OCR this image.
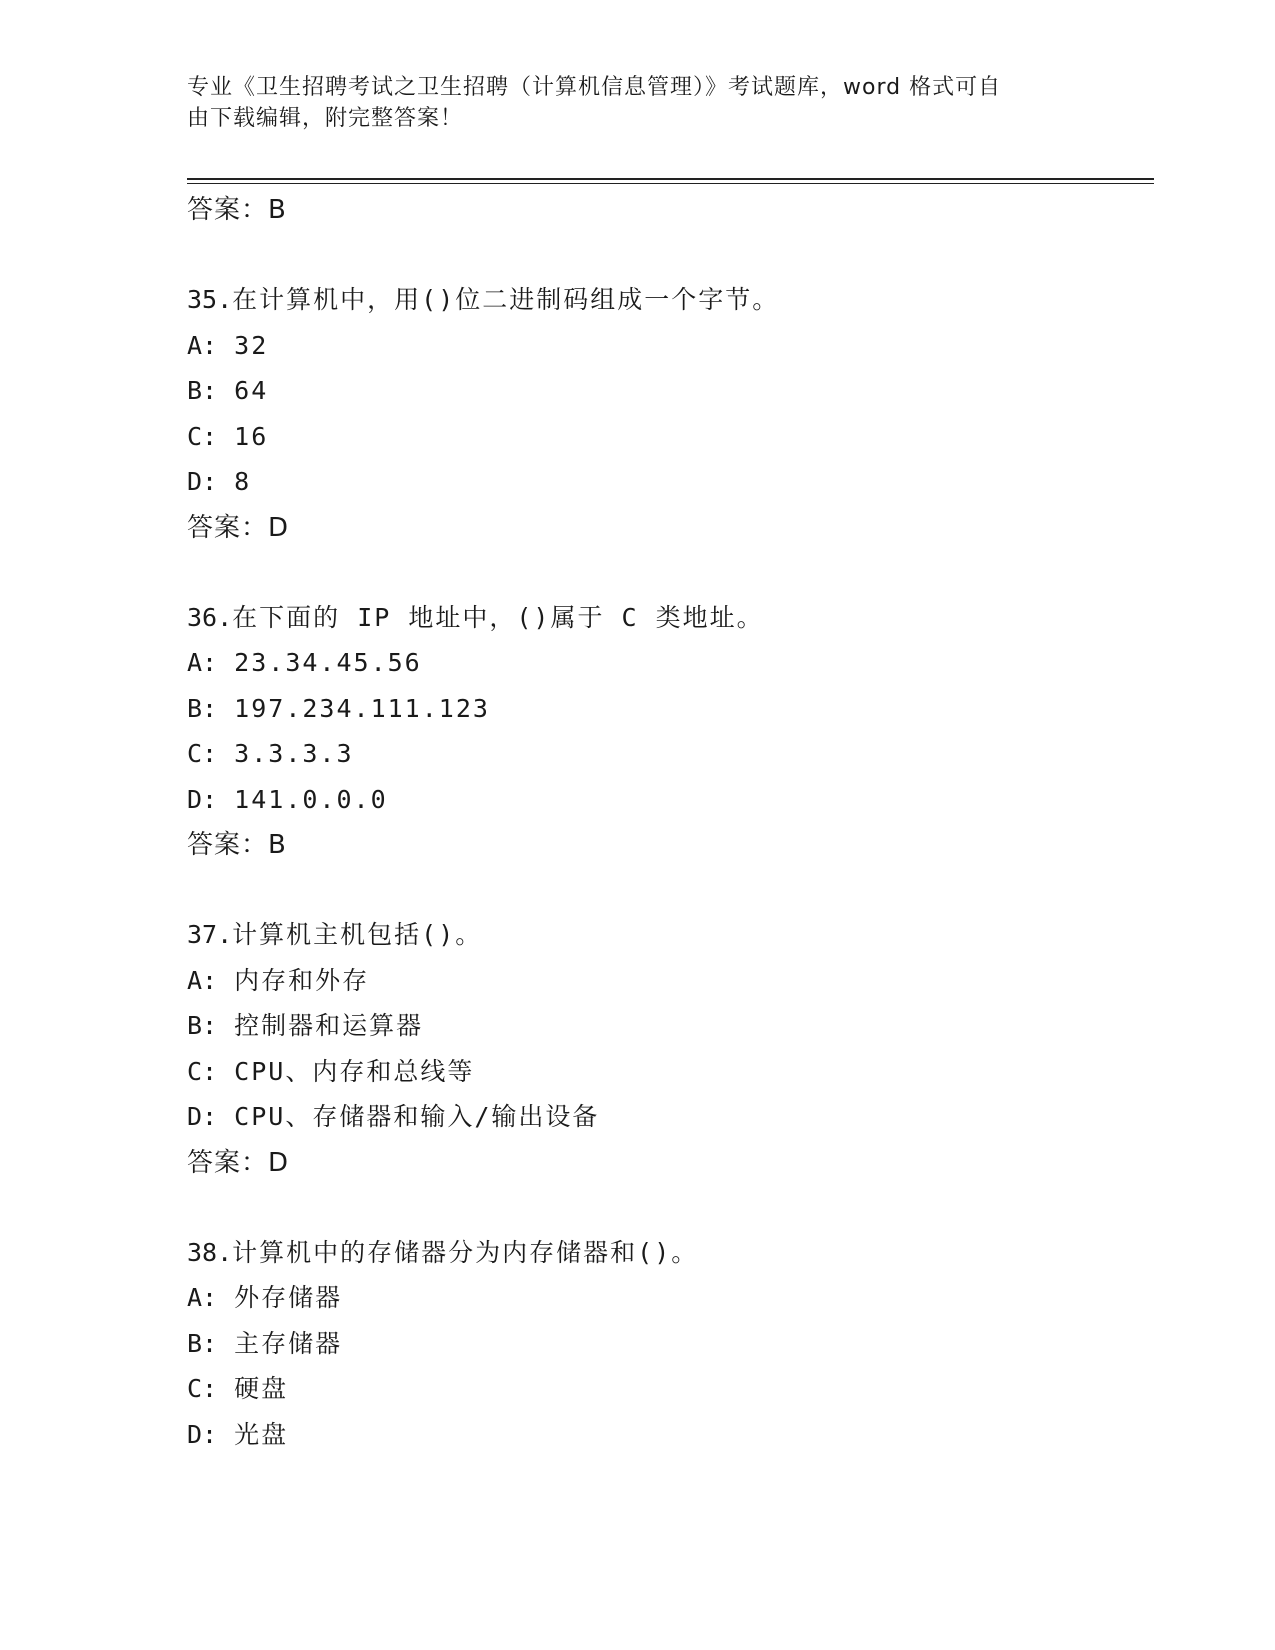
专业《卫生招聘考试之卫生招聘（计算机信息管理）》考试题库，word 格式可自
由下载编辑，附完整答案！
答案：B
35.在计算机中，用()位二进制码组成一个字节。
A: 32
B: 64
C: 16
D: 8
答案：D
36.在下面的 IP 地址中，()属于 C 类地址。
A: 23.34.45.56
B: 197.234.111.123
C: 3.3.3.3
D: 141.0.0.0
答案：B
37.计算机主机包括()。
A: 内存和外存
B: 控制器和运算器
C: CPU、内存和总线等
D: CPU、存储器和输入/输出设备
答案：D
38.计算机中的存储器分为内存储器和()。
A: 外存储器
B: 主存储器
C: 硬盘
D: 光盘
